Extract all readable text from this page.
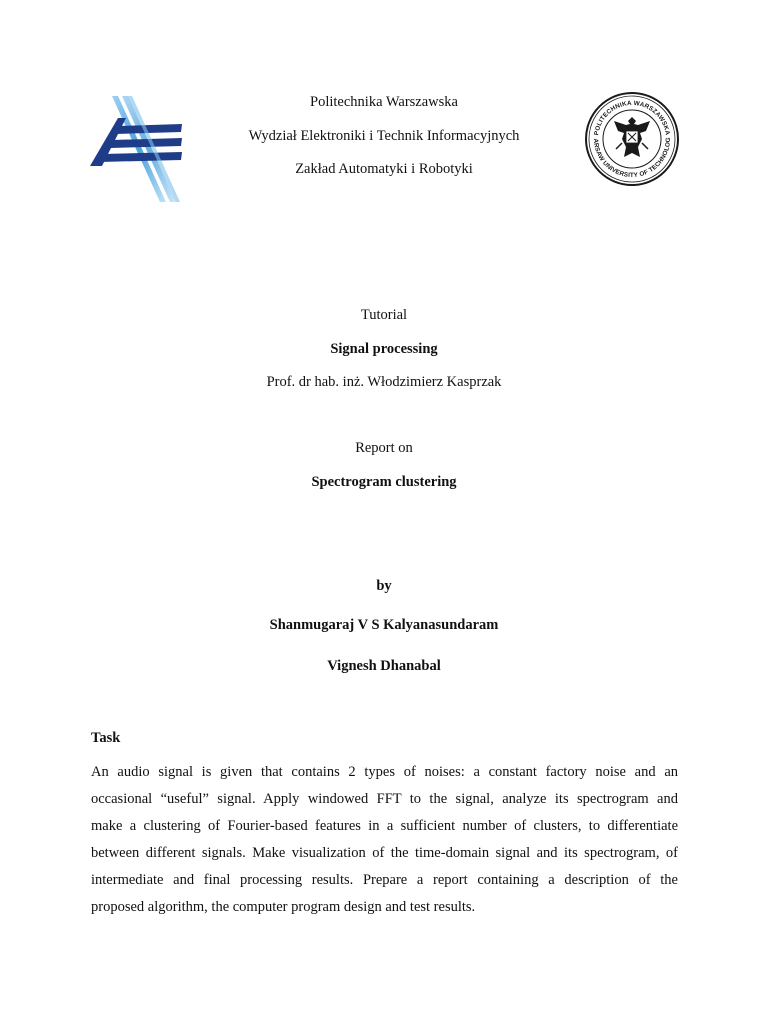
Politechnika Warszawska
Wydział Elektroniki i Technik Informacyjnych
Zakład Automatyki i Robotyki
POLITECHNIKA WARSZAWSKA
ARSAW UNIVERSITY OF TECHNOLOG
Tutorial
Signal processing
Prof. dr hab. inż. Włodzimierz Kasprzak
Report on
Spectrogram clustering
by
Shanmugaraj V S Kalyanasundaram
Vignesh Dhanabal
Task
An audio signal is given that contains 2 types of noises: a constant factory noise and an
occasional “useful” signal. Apply windowed FFT to the signal, analyze its spectrogram and
make a clustering of Fourier-based features in a sufficient number of clusters, to differentiate
between different signals. Make visualization of the time-domain signal and its spectrogram, of
intermediate and final processing results. Prepare a report containing a description of the
proposed algorithm, the computer program design and test results.
